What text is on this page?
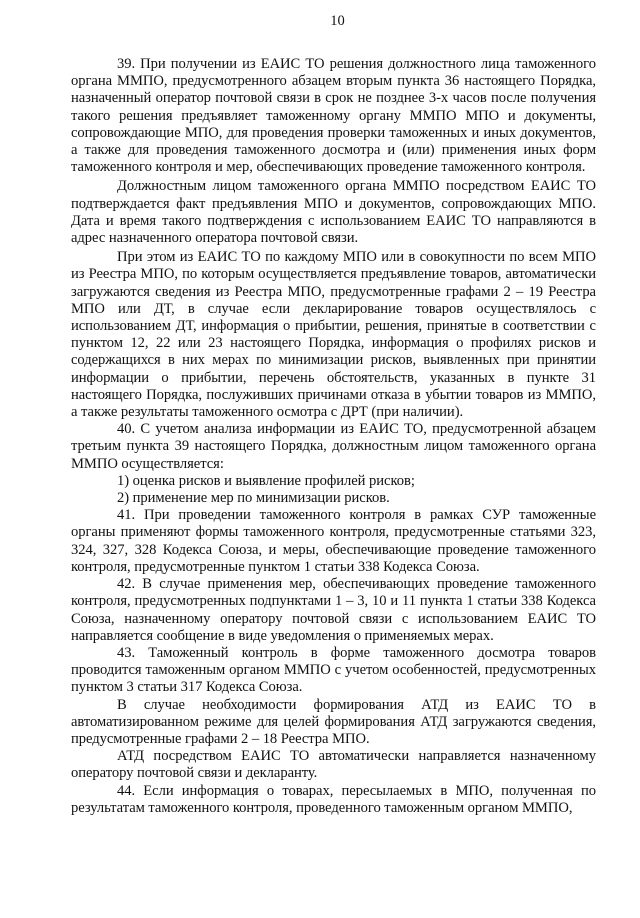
10

39. При получении из ЕАИС ТО решения должностного лица таможенного органа ММПО, предусмотренного абзацем вторым пункта 36 настоящего Порядка, назначенный оператор почтовой связи в срок не позднее 3-х часов после получения такого решения предъявляет таможенному органу ММПО МПО и документы, сопровождающие МПО, для проведения проверки таможенных и иных документов, а также для проведения таможенного досмотра и (или) применения иных форм таможенного контроля и мер, обеспечивающих проведение таможенного контроля.

Должностным лицом таможенного органа ММПО посредством ЕАИС ТО подтверждается факт предъявления МПО и документов, сопровождающих МПО. Дата и время такого подтверждения с использованием ЕАИС ТО направляются в адрес назначенного оператора почтовой связи.

При этом из ЕАИС ТО по каждому МПО или в совокупности по всем МПО из Реестра МПО, по которым осуществляется предъявление товаров, автоматически загружаются сведения из Реестра МПО, предусмотренные графами 2 – 19 Реестра МПО или ДТ, в случае если декларирование товаров осуществлялось с использованием ДТ, информация о прибытии, решения, принятые в соответствии с пунктом 12, 22 или 23 настоящего Порядка, информация о профилях рисков и содержащихся в них мерах по минимизации рисков, выявленных при принятии информации о прибытии, перечень обстоятельств, указанных в пункте 31 настоящего Порядка, послуживших причинами отказа в убытии товаров из ММПО, а также результаты таможенного осмотра с ДРТ (при наличии).

40. С учетом анализа информации из ЕАИС ТО, предусмотренной абзацем третьим пункта 39 настоящего Порядка, должностным лицом таможенного органа ММПО осуществляется:

1) оценка рисков и выявление профилей рисков;

2) применение мер по минимизации рисков.

41. При проведении таможенного контроля в рамках СУР таможенные органы применяют формы таможенного контроля, предусмотренные статьями 323, 324, 327, 328 Кодекса Союза, и меры, обеспечивающие проведение таможенного контроля, предусмотренные пунктом 1 статьи 338 Кодекса Союза.

42. В случае применения мер, обеспечивающих проведение таможенного контроля, предусмотренных подпунктами 1 – 3, 10 и 11 пункта 1 статьи 338 Кодекса Союза, назначенному оператору почтовой связи с использованием ЕАИС ТО направляется сообщение в виде уведомления о применяемых мерах.

43. Таможенный контроль в форме таможенного досмотра товаров проводится таможенным органом ММПО с учетом особенностей, предусмотренных пунктом 3 статьи 317 Кодекса Союза.

В случае необходимости формирования АТД из ЕАИС ТО в автоматизированном режиме для целей формирования АТД загружаются сведения, предусмотренные графами 2 – 18 Реестра МПО.

АТД посредством ЕАИС ТО автоматически направляется назначенному оператору почтовой связи и декларанту.

44. Если информация о товарах, пересылаемых в МПО, полученная по результатам таможенного контроля, проведенного таможенным органом ММПО,
